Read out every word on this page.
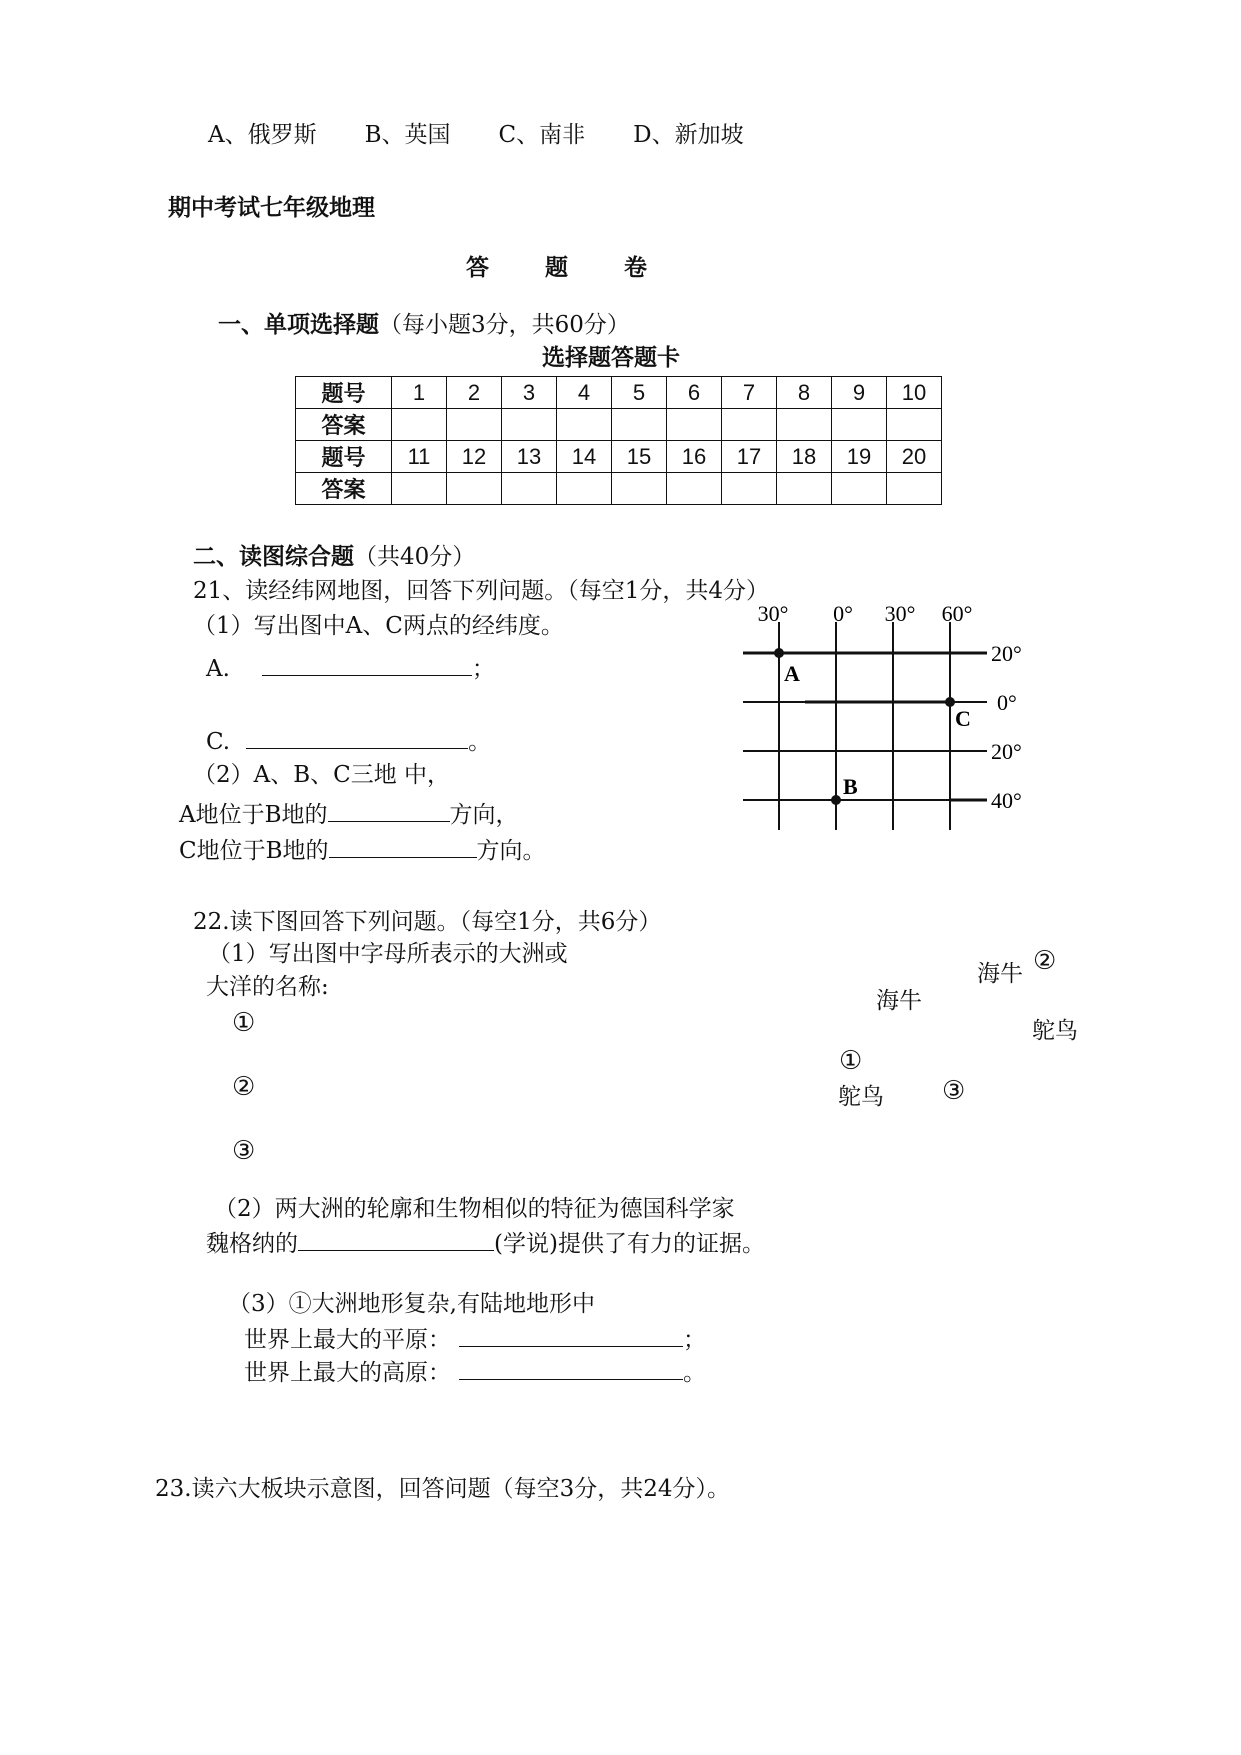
A、俄罗斯 B、英国 C、南非 D、新加坡
期中考试七年级地理
答 题 卷
一、单项选择题（每小题3分，共60分）
选择题答题卡
题号	1	2	3	4	5	6	7	8	9	10
答案										
题号	11	12	13	14	15	16	17	18	19	20
答案										
二、读图综合题（共40分）
21、读经纬网地图，回答下列问题。（每空1分，共4分）
（1）写出图中A、C两点的经纬度。
A.	；
C.	。
（2）A、B、C三地 中，
A地位于B地的	方向，
C地位于B地的	方向。
30° 0° 30° 60°
20°
0°
20°
40°
A
C
B
22.读下图回答下列问题。（每空1分，共6分）
（1）写出图中字母所表示的大洲或
大洋的名称:
①
②
③
海牛 ②
海牛
鸵鸟
①
③
鸵鸟
（2）两大洲的轮廓和生物相似的特征为德国科学家
魏格纳的	(学说)提供了有力的证据。
（3）①大洲地形复杂,有陆地地形中
世界上最大的平原：	；
世界上最大的高原：	。
23.读六大板块示意图，回答问题（每空3分，共24分）。
